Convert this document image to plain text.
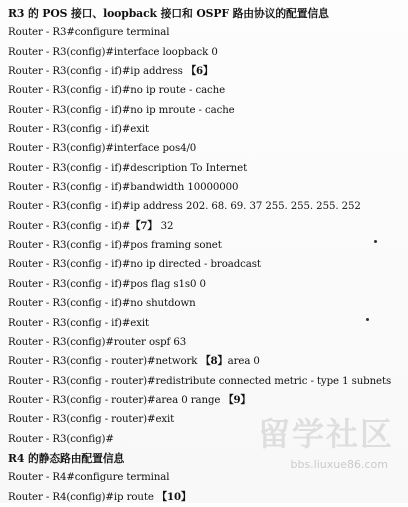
R3 的 POS 接口、loopback 接口和 OSPF 路由协议的配置信息
Router - R3#configure terminal
Router - R3(config)#interface loopback 0
Router - R3(config - if)#ip address 【6】
Router - R3(config - if)#no ip route - cache
Router - R3(config - if)#no ip mroute - cache
Router - R3(config - if)#exit
Router - R3(config)#interface pos4/0
Router - R3(config - if)#description To Internet
Router - R3(config - if)#bandwidth 10000000
Router - R3(config - if)#ip address 202. 68. 69. 37 255. 255. 255. 252
Router - R3(config - if)#【7】 32
Router - R3(config - if)#pos framing sonet
Router - R3(config - if)#no ip directed - broadcast
Router - R3(config - if)#pos flag s1s0 0
Router - R3(config - if)#no shutdown
Router - R3(config - if)#exit
Router - R3(config)#router ospf 63
Router - R3(config - router)#network 【8】area 0
Router - R3(config - router)#redistribute connected metric - type 1 subnets
Router - R3(config - router)#area 0 range 【9】
Router - R3(config - router)#exit
Router - R3(config)#
R4 的静态路由配置信息
Router - R4#configure terminal
Router - R4(config)#ip route 【10】
留学社区
bbs.liuxue86.com
